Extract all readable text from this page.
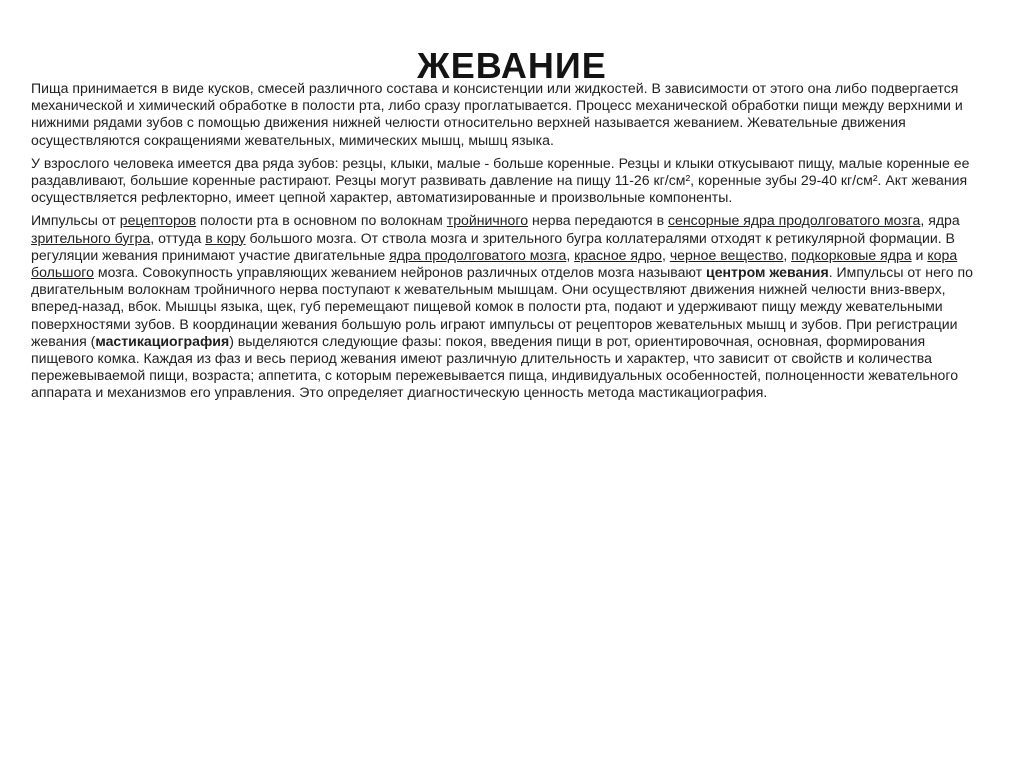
ЖЕВАНИЕ

Пища принимается в виде кусков, смесей различного состава и консистенции или жидкостей. В зависимости от этого она либо подвергается механической и химический обработке в полости рта, либо сразу проглатывается. Процесс механической обработки пищи между верхними и нижними рядами зубов с помощью движения нижней челюсти относительно верхней называется жеванием. Жевательные движения осуществляются сокращениями жевательных, мимических мышц, мышц языка.

У взрослого человека имеется два ряда зубов: резцы, клыки, малые - больше коренные. Резцы и клыки откусывают пищу, малые коренные ее раздавливают, большие коренные растирают. Резцы могут развивать давление на пищу 11-26 кг/см², коренные зубы 29-40 кг/см². Акт жевания осуществляется рефлекторно, имеет цепной характер, автоматизированные и произвольные компоненты.

Импульсы от рецепторов полости рта в основном по волокнам тройничного нерва передаются в сенсорные ядра продолговатого мозга, ядра зрительного бугра, оттуда в кору большого мозга. От ствола мозга и зрительного бугра коллатералями отходят к ретикулярной формации. В регуляции жевания принимают участие двигательные ядра продолговатого мозга, красное ядро, черное вещество, подкорковые ядра и кора большого мозга. Совокупность управляющих жеванием нейронов различных отделов мозга называют центром жевания. Импульсы от него по двигательным волокнам тройничного нерва поступают к жевательным мышцам. Они осуществляют движения нижней челюсти вниз-вверх, вперед-назад, вбок. Мышцы языка, щек, губ перемещают пищевой комок в полости рта, подают и удерживают пищу между жевательными поверхностями зубов. В координации жевания большую роль играют импульсы от рецепторов жевательных мышц и зубов. При регистрации жевания (мастикациография) выделяются следующие фазы: покоя, введения пищи в рот, ориентировочная, основная, формирования пищевого комка. Каждая из фаз и весь период жевания имеют различную длительность и характер, что зависит от свойств и количества пережевываемой пищи, возраста; аппетита, с которым пережевывается пища, индивидуальных особенностей, полноценности жевательного аппарата и механизмов его управления. Это определяет диагностическую ценность метода мастикациография.
